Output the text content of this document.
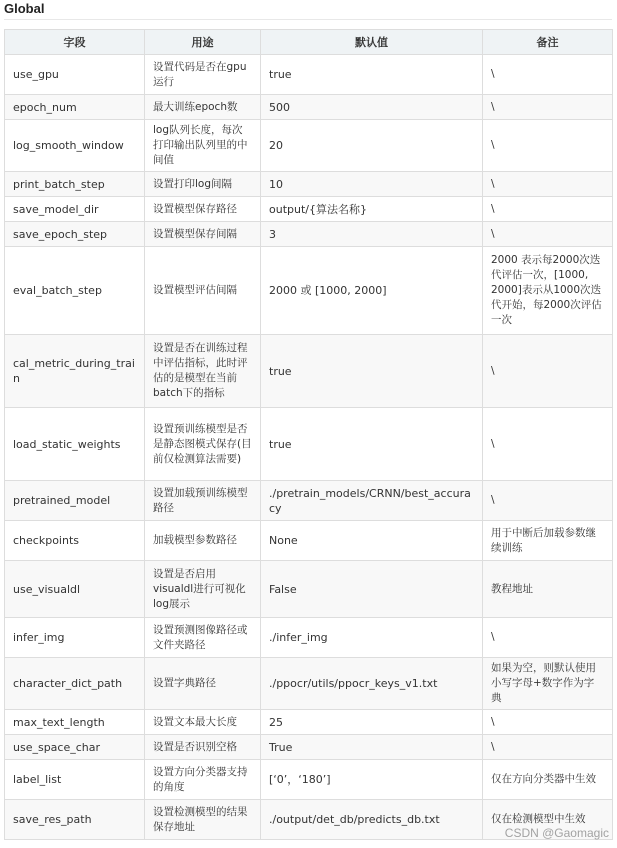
Global
字段	用途	默认值	备注
use_gpu	设置代码是否在gpu运行	true	\
epoch_num	最大训练epoch数	500	\
log_smooth_window	log队列长度，每次打印输出队列里的中间值	20	\
print_batch_step	设置打印log间隔	10	\
save_model_dir	设置模型保存路径	output/{算法名称}	\
save_epoch_step	设置模型保存间隔	3	\
eval_batch_step	设置模型评估间隔	2000 或 [1000, 2000]	2000 表示每2000次迭代评估一次，[1000, 2000]表示从1000次迭代开始，每2000次评估一次
cal_metric_during_train	设置是否在训练过程中评估指标，此时评估的是模型在当前batch下的指标	true	\
load_static_weights	设置预训练模型是否是静态图模式保存(目前仅检测算法需要)	true	\
pretrained_model	设置加载预训练模型路径	./pretrain_models/CRNN/best_accuracy	\
checkpoints	加载模型参数路径	None	用于中断后加载参数继续训练
use_visualdl	设置是否启用visualdl进行可视化log展示	False	教程地址
infer_img	设置预测图像路径或文件夹路径	./infer_img	\
character_dict_path	设置字典路径	./ppocr/utils/ppocr_keys_v1.txt	如果为空，则默认使用小写字母+数字作为字典
max_text_length	设置文本最大长度	25	\
use_space_char	设置是否识别空格	True	\
label_list	设置方向分类器支持的角度	[‘0’，‘180’]	仅在方向分类器中生效
save_res_path	设置检测模型的结果保存地址	./output/det_db/predicts_db.txt	仅在检测模型中生效
CSDN @Gaomagic
